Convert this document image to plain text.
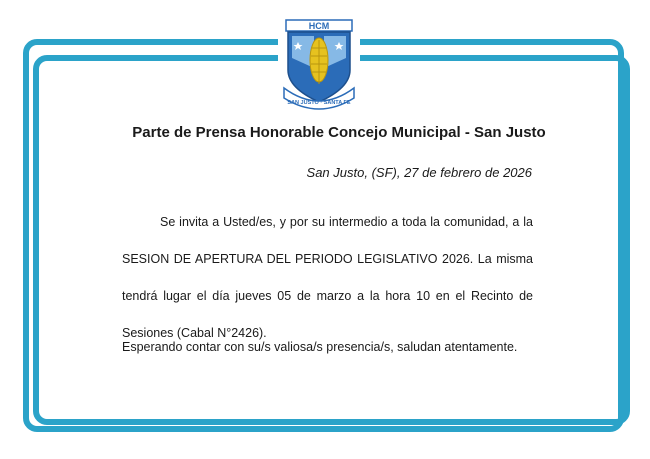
HCM
SAN JUSTO · SANTA FE
Parte de Prensa Honorable Concejo Municipal - San Justo
San Justo, (SF), 27 de febrero de 2026
Se invita a Usted/es, y por su intermedio a toda la comunidad, a la SESION DE APERTURA DEL PERIODO LEGISLATIVO 2026. La misma tendrá lugar el día jueves 05 de marzo a la hora 10 en el Recinto de Sesiones (Cabal N°2426).
Esperando contar con su/s valiosa/s presencia/s, saludan atentamente.
